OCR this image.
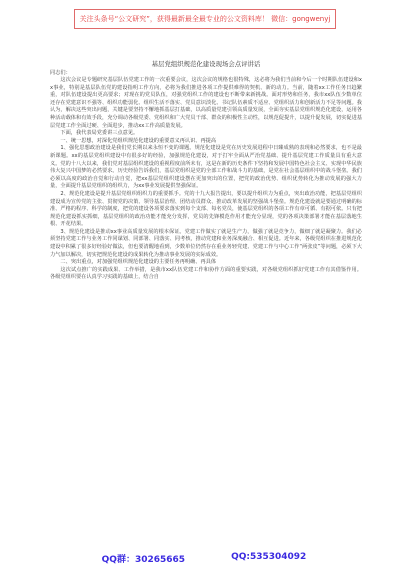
关注头条号“公文研究”，获得最新最全最专业的公文资料库！ 微信：gongwenyj

基层党组织规范化建设现场会点评讲话

同志们：

这次会议是专题研究基层队伍党建工作的一次重要会议，这次会议的规格也很特殊，这必将为我们当前和今后一个时期队伍建设和xx事业，特别是基层队伍党的建设指明工作方向，必将为我们推进各项工作提供难得的契机、新的动力。当前，随着xx工作任务日趋繁重，对队伍建设提出更高要求；对现在的党员队伍，对强党组织工作的建设也不断带来新挑战。面对形势和任务，我市xx队伍少数单位还存在党建意识不强等、组织功能弱化、组织生活不落实、党员意识淡化、书记队伍素质不适应、党组织活力和创新活力不足等问题。我认为，解决这些突出问题，关键是要坚持不懈地抓基层打基础，以高质量党建引领高质量发展，全面夯实基层党组织规范化建设，运用各种活动载体和有效手段，充分调动各级党委、党组织和广大党员干部、群众的积极性主动性，以规范促提升，以提升促发展，切实促进基层党建工作全面过硬、全面进步，推动xx工作高质量发展。

下面，我代表局党委讲三点意见。

一、统一思想，对深化党组织规范化建设的重要意义再认识、再提高

1、强化思想政治建设是我们党长期以来永恒不变的课题。规范化建设是党在历史发展进程中日臻成熟的表现和必然要求，也不是最新课题。xx的基层党组织建设中有很多好的经验，加强规范化建设，对于打牢全面从严治党基础、提升基层党建工作质量具有重大意义。党的十八大以来，我们党对基层组织建设的重视程度前所未有，这是在新的历史条件下坚持和发展中国特色社会主义、实现中华民族伟大复兴中国梦的必然要求。历史经验告诉我们，基层党组织是党的全部工作和战斗力的基础，是党在社会基层组织中的战斗堡垒。我们必须以高度的政治自觉和行动自觉，把xx基层党组织建设摆在更加突出的位置，把党的政治优势、组织优势转化为推动发展的强大力量，全面提升基层党组织的组织力，为xx事业发展提供坚强保证。

2、规范化建设是提升基层党组织组织力的重要抓手。党的十九大报告提出，要以提升组织力为重点，突出政治功能，把基层党组织建设成为宣传党的主张、贯彻党的决策、领导基层治理、团结动员群众、推动改革发展的坚强战斗堡垒。规范化建设就是要通过明确的标准、严格的程序、科学的制度，把党的建设各项要求落实到每个支部、每名党员，使基层党组织的各项工作有章可循、有据可依。只有把规范化建设抓实抓细，基层党组织的政治功能才能充分发挥，党员的先锋模范作用才能充分显现，党的各项决策部署才能在基层落地生根、开花结果。

3、规范化建设是推动xx事业高质量发展的根本保证。党建工作做实了就是生产力，做强了就是竞争力，做细了就是凝聚力。我们必须坚持党建工作与业务工作同谋划、同部署、同落实、同考核，推动党建和业务深度融合、相互促进。近年来，各级党组织在推进规范化建设中积累了很多好经验好做法，但也要清醒地看到，少数单位仍然存在重业务轻党建、党建工作与中心工作“两张皮”等问题，必须下大力气加以解决，切实把规范化建设的成果转化为推动事业发展的实际成效。

二、突出重点，对加强党组织规范化建设的主要任务再明确、再具体

这次试点推广的实践成果、工作举措，是我市xx队伍党建工作和协作方面的重要实践，对各级党组织抓好党建工作有其借鉴作用。各级党组织要在认真学习实践的基础上，结合自

QQ群：30265665	QQ:535304092
